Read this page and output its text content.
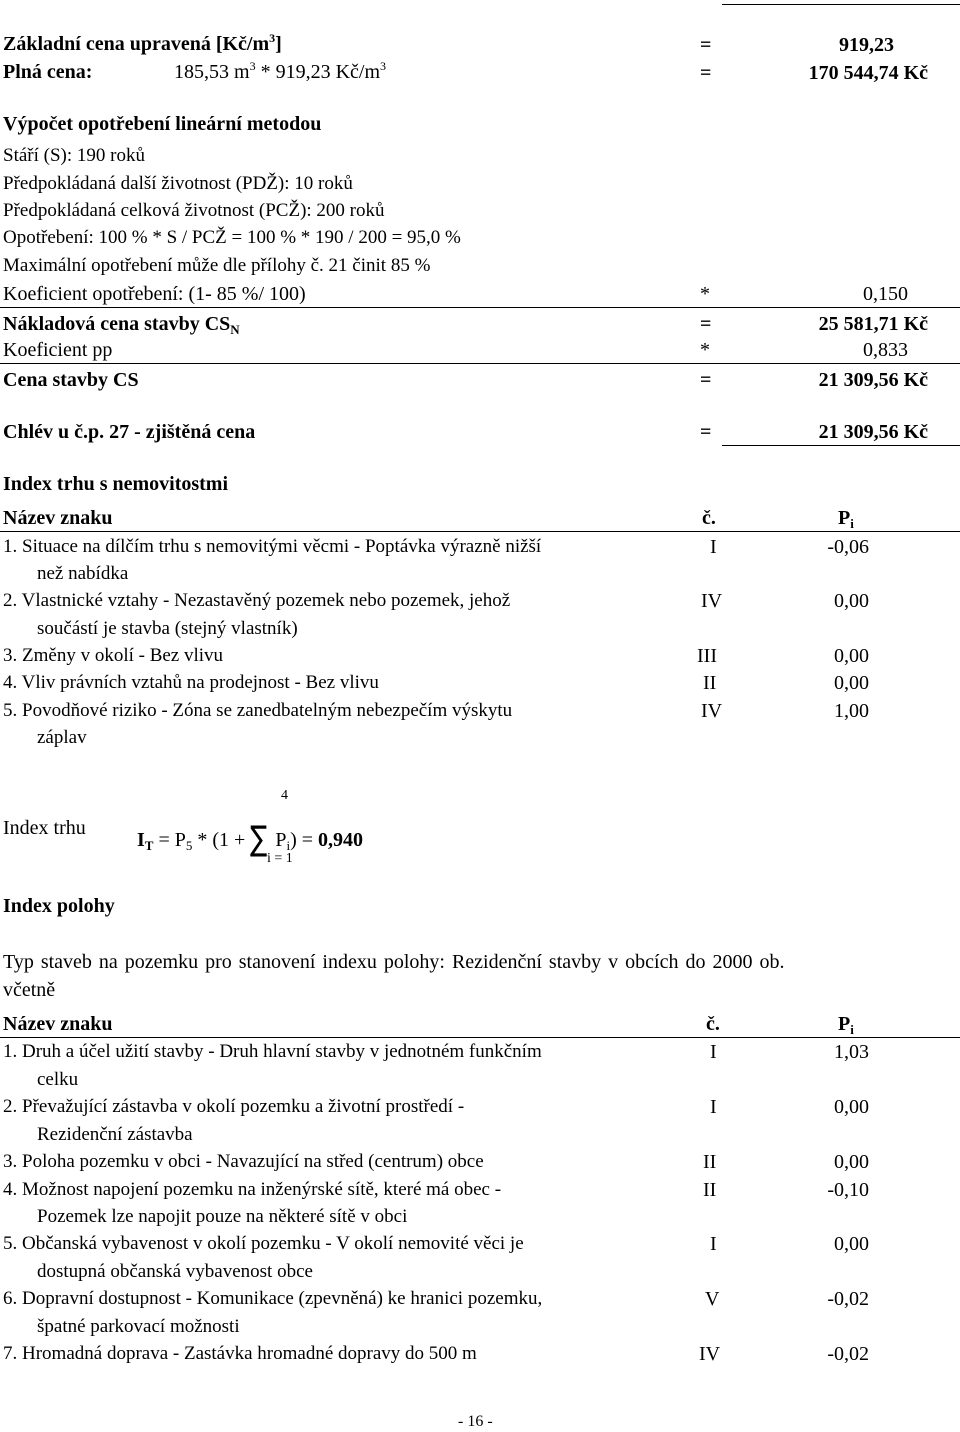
Základní cena upravená $[Kč/m^3]$	=	919,23
Plná cena:	185,53 $m^3 * 919,23$ $Kč/m^3$	=	170 544,74 Kč
Výpočet opotřebení lineární metodou
Stáří (S): 190 roků
Předpokládaná další životnost (PDŽ): 10 roků
Předpokládaná celková životnost (PCŽ): 200 roků
Opotřebení: 100 % * S / PCŽ = 100 % * 190 / 200 = 95,0 %
Maximální opotřebení může dle přílohy č. 21 činit 85 %
Koeficient opotřebení: (1- 85 %/ 100)	*	0,150
Nákladová cena stavby $CS_N$	=	25 581,71 Kč
Koeficient pp	*	0,833
Cena stavby CS	=	21 309,56 Kč
Chlév u č.p. 27 - zjištěná cena	=	21 309,56 Kč
Index trhu s nemovitostmi
Název znaku	č.	$P_i$
1. Situace na dílčím trhu s nemovitými věcmi - Poptávka výrazně nižší
než nabídka
I	-0,06
2. Vlastnické vztahy - Nezastavěný pozemek nebo pozemek, jehož
součástí je stavba (stejný vlastník)
IV	0,00
3. Změny v okolí - Bez vlivu	III	0,00
4. Vliv právních vztahů na prodejnost - Bez vlivu	II	0,00
5. Povodňové riziko - Zóna se zanedbatelným nebezpečím výskytu
záplav
IV	1,00
Index trhu
4
i = 1
$I_T = P_5 * (1$ + ∑ $P_i) = 0,940$
Index polohy
Typ staveb na pozemku pro stanovení indexu polohy: Rezidenční stavby v obcích do 2000 ob.
včetně
Název znaku	č.	$P_i$
1. Druh a účel užití stavby - Druh hlavní stavby v jednotném funkčním
celku
I	1,03
2. Převažující zástavba v okolí pozemku a životní prostředí -
Rezidenční zástavba
I	0,00
3. Poloha pozemku v obci - Navazující na střed (centrum) obce	II	0,00
4. Možnost napojení pozemku na inženýrské sítě, které má obec -
Pozemek lze napojit pouze na některé sítě v obci
II	-0,10
5. Občanská vybavenost v okolí pozemku - V okolí nemovité věci je
dostupná občanská vybavenost obce
I	0,00
6. Dopravní dostupnost - Komunikace (zpevněná) ke hranici pozemku,
špatné parkovací možnosti
V	-0,02
7. Hromadná doprava - Zastávka hromadné dopravy do 500 m	IV	-0,02
- 16 -
